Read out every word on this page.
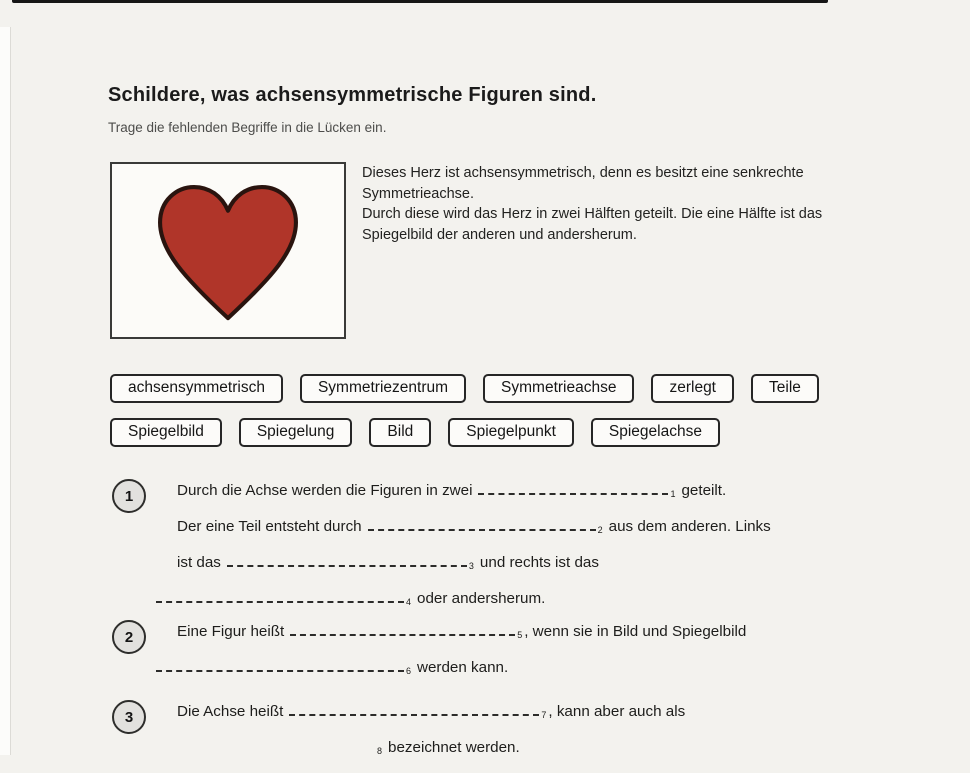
Schildere, was achsensymmetrische Figuren sind.
Trage die fehlenden Begriffe in die Lücken ein.

Dieses Herz ist achsensymmetrisch, denn es besitzt eine senkrechte Symmetrieachse.

Durch diese wird das Herz in zwei Hälften geteilt. Die eine Hälfte ist das Spiegelbild der anderen und andersherum.

achsensymmetrisch	Symmetriezentrum	Symmetrieachse	zerlegt	Teile
Spiegelbild	Spiegelung	Bild	Spiegelpunkt	Spiegelachse
1	Durch die Achse werden die Figuren in zwei	1 geteilt.
Der eine Teil entsteht durch	2 aus dem anderen. Links
ist das	3 und rechts ist das
4 oder andersherum.
2	Eine Figur heißt	5 , wenn sie in Bild und Spiegelbild
6 werden kann.
3	Die Achse heißt	7 , kann aber auch als
8 bezeichnet werden.
